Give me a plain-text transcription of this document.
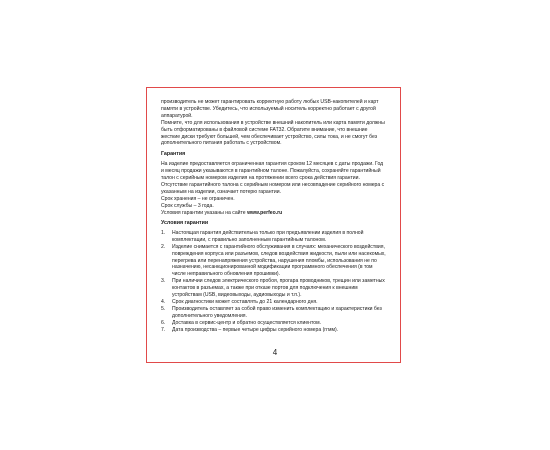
производитель не может гарантировать корректную работу любых USB-накопителей и карт памяти в устройстве. Убедитесь, что используемый носитель корректно работает с другой аппаратурой.

Помните, что для использования в устройстве внешний накопитель или карта памяти должны быть отформатированы в файловой системе FAT32. Обратите внимание, что внешние жесткие диски требуют большей, чем обеспечивает устройство, силы тока, и не смогут без дополнительного питания работать с устройством.

Гарантия

На изделие предоставляется ограниченная гарантия сроком 12 месяцев с даты продажи. Год и месяц продажи указываются в гарантийном талоне. Пожалуйста, сохраняйте гарантийный талон с серийным номером изделия на протяжении всего срока действия гарантии.

Отсутствие гарантийного талона с серийным номером или несовпадение серийного номера с указанным на изделии, означает потерю гарантии.

Срок хранения – не ограничен.

Срок службы – 3 года.

Условия гарантии указаны на сайте www.perfeo.ru

Условия гарантии

1.	Настоящая гарантия действительна только при предъявлении изделия в полной комплектации, с правильно заполненным гарантийным талоном.
2.	Изделие снимается с гарантийного обслуживания в случаях: механического воздействия, повреждения корпуса или разъемов, следов воздействия жидкости, пыли или насекомых, перегрева или перенапряжения устройства, нарушения пломбы, использования не по назначению, несанкционированной модификации программного обеспечения (в том числе неправильного обновления прошивки).
3.	При наличии следов электрического пробоя, прогара проводников, трещин или заметных контактов в разъемах, а также при отказе портов для подключения к внешним устройствам (USB, видеовыходы, аудиовыходы и т.п.).
4.	Срок диагностики может составлять до 21 календарного дня.
5.	Производитель оставляет за собой право изменить комплектацию и характеристики без дополнительного уведомления.
6.	Доставка в сервис-центр и обратно осуществляется клиентом.
7.	Дата производства – первые четыре цифры серийного номера (ггмм).
4
